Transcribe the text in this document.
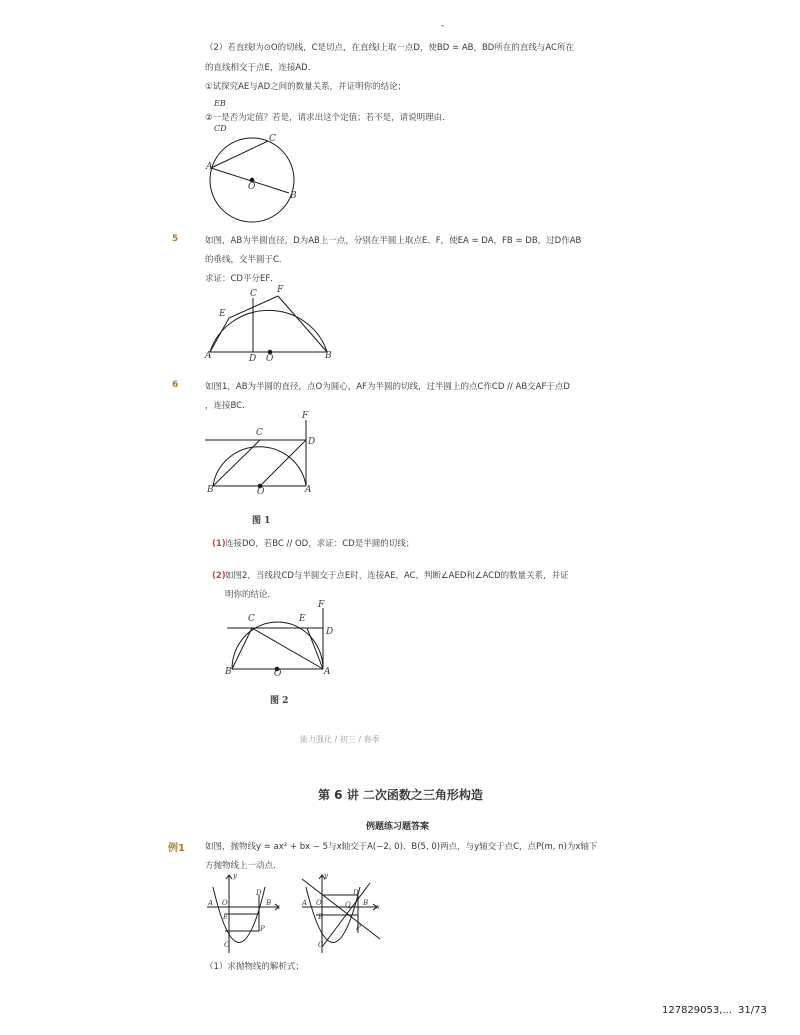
-
（2）若直线l为⊙O的切线，C是切点，在直线l上取一点D，使BD = AB，BD所在的直线与AC所在
的直线相交于点E，连接AD．
①试探究AE与AD之间的数量关系，并证明你的结论；
EB
②一是否为定值？若是，请求出这个定值；若不是，请说明理由．
CD
A
C
O
B
5	如图，AB为半圆直径，D为AB上一点，分别在半圆上取点E、F，使EA = DA，FB = DB，过D作AB
的垂线，交半圆于C．
求证：CD平分EF．
C F
E
A	D O	B
6	如图1，AB为半圆的直径，点O为圆心，AF为半圆的切线，过半圆上的点C作CD // AB交AF于点D
，连接BC．
F
C
D
B	O	A
图 1
(1) 连接DO，若BC // OD，求证：CD是半圆的切线；
(2) 如图2，当线段CD与半圆交于点E时，连接AE，AC，判断∠AED和∠ACD的数量关系，并证
明你的结论．
F
C	E
D
B	O	A
图 2
能力强化 / 初三 / 春季
第 6 讲 二次函数之三角形构造
例题练习题答案
例1 如图，抛物线y = ax² + bx − 5与x轴交于A(−2, 0)、B(5, 0)两点，与y轴交于点C，点P(m, n)为x轴下
方抛物线上一动点．
y
A O
D
B x
E
P
C
y
D
A O	Q B x
E
P
C
（1）求抛物线的解析式；
127829053,... 31/73
